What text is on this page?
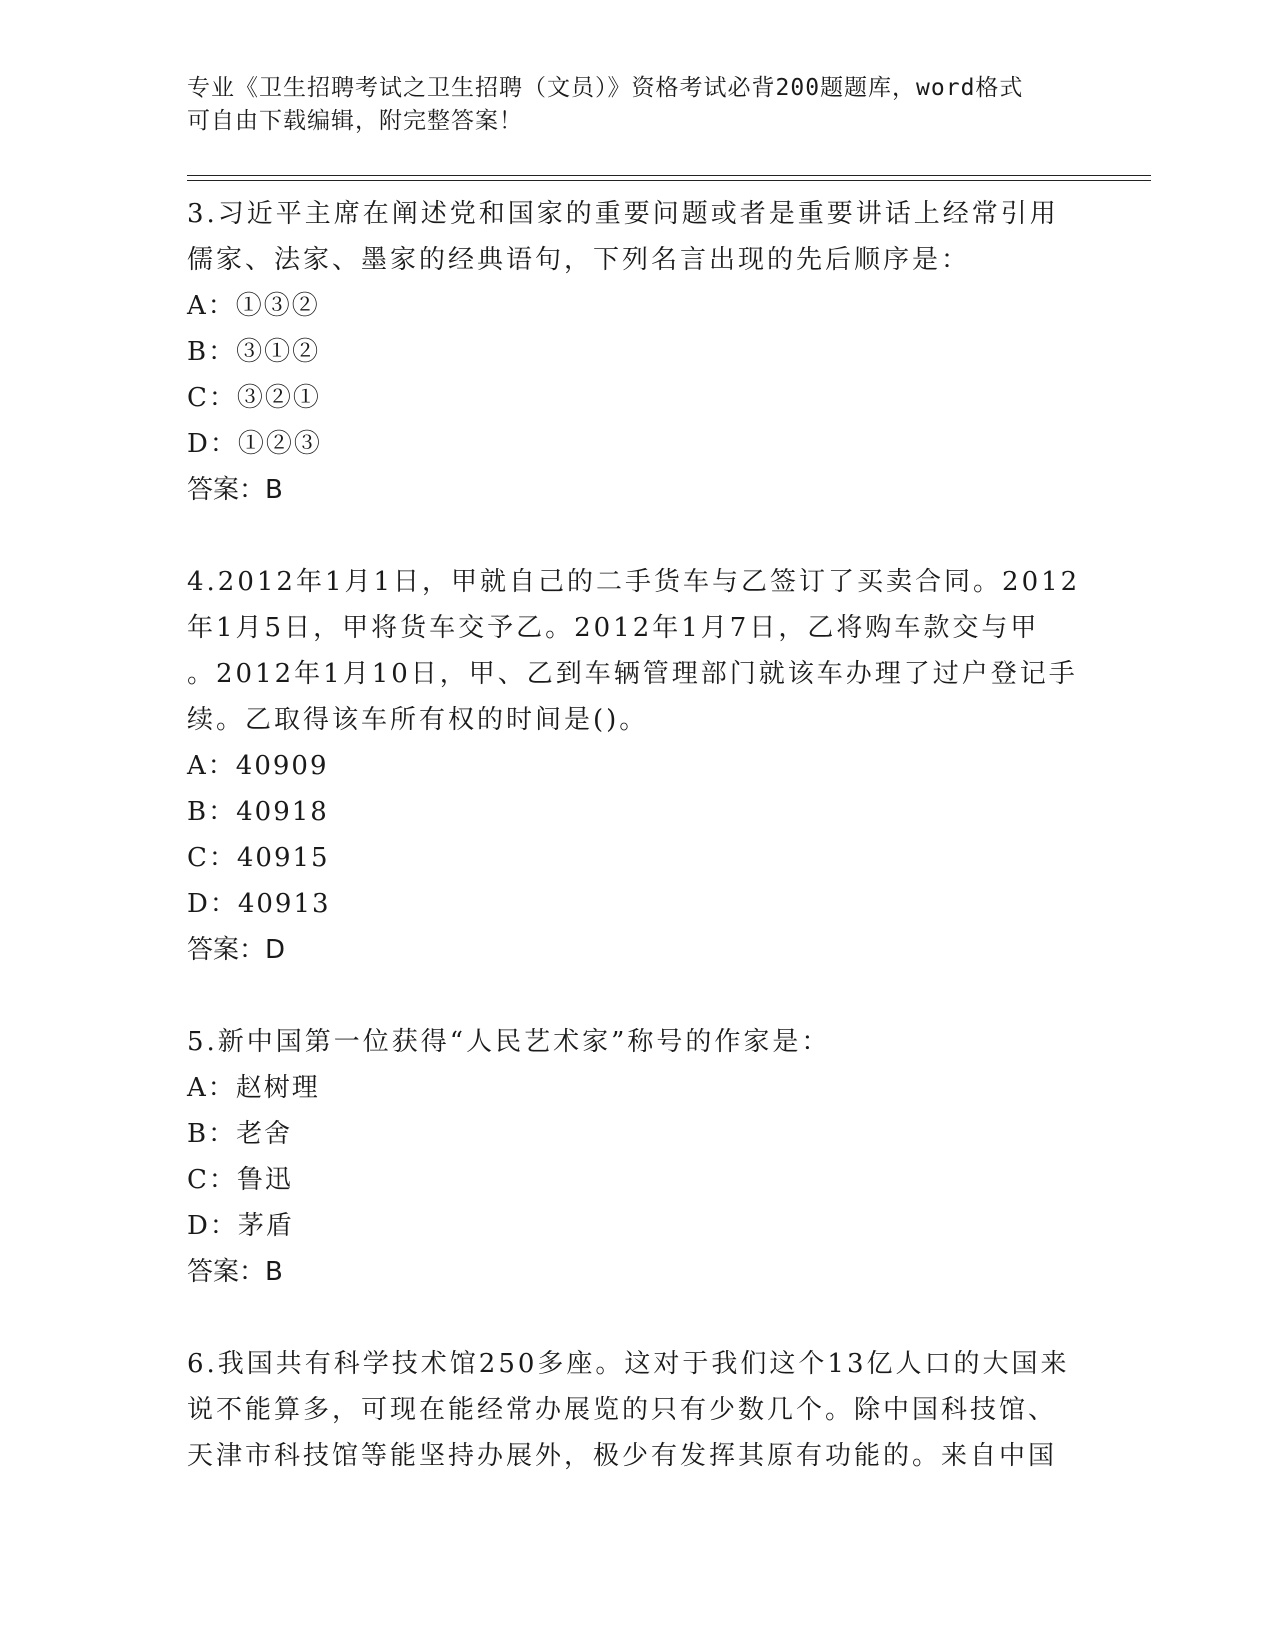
专业《卫生招聘考试之卫生招聘（文员）》资格考试必背200题题库，word格式

可自由下载编辑，附完整答案！

3.习近平主席在阐述党和国家的重要问题或者是重要讲话上经常引用

儒家、法家、墨家的经典语句，下列名言出现的先后顺序是：

A：①③②

B：③①②

C：③②①

D：①②③

答案：B

4.2012年1月1日，甲就自己的二手货车与乙签订了买卖合同。2012

年1月5日，甲将货车交予乙。2012年1月7日，乙将购车款交与甲

。2012年1月10日，甲、乙到车辆管理部门就该车办理了过户登记手

续。乙取得该车所有权的时间是()。

A：40909

B：40918

C：40915

D：40913

答案：D

5.新中国第一位获得“人民艺术家”称号的作家是：

A：赵树理

B：老舍

C：鲁迅

D：茅盾

答案：B

6.我国共有科学技术馆250多座。这对于我们这个13亿人口的大国来

说不能算多，可现在能经常办展览的只有少数几个。除中国科技馆、

天津市科技馆等能坚持办展外，极少有发挥其原有功能的。来自中国
